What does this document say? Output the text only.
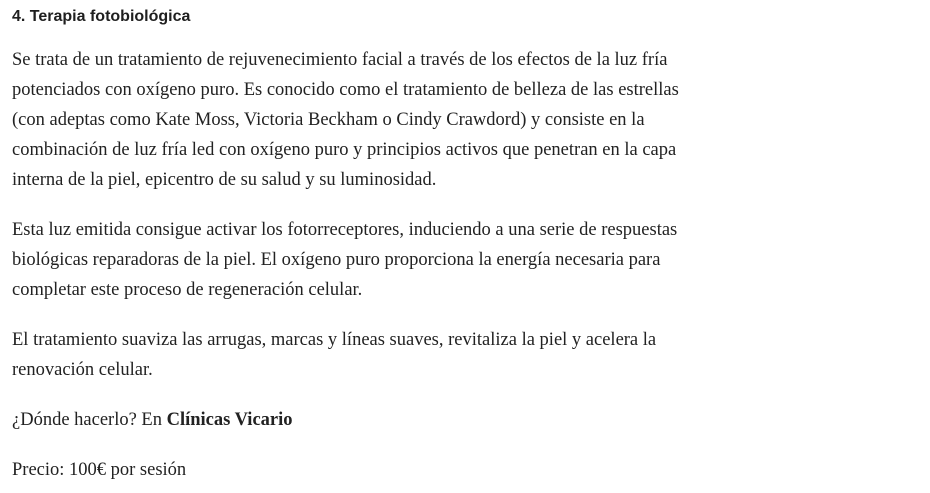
4. Terapia fotobiológica

Se trata de un tratamiento de rejuvenecimiento facial a través de los efectos de la luz fría potenciados con oxígeno puro. Es conocido como el tratamiento de belleza de las estrellas (con adeptas como Kate Moss, Victoria Beckham o Cindy Crawdord) y consiste en la combinación de luz fría led con oxígeno puro y principios activos que penetran en la capa interna de la piel, epicentro de su salud y su luminosidad.

Esta luz emitida consigue activar los fotorreceptores, induciendo a una serie de respuestas biológicas reparadoras de la piel. El oxígeno puro proporciona la energía necesaria para completar este proceso de regeneración celular.

El tratamiento suaviza las arrugas, marcas y líneas suaves, revitaliza la piel y acelera la renovación celular.

¿Dónde hacerlo? En Clínicas Vicario

Precio: 100€ por sesión
